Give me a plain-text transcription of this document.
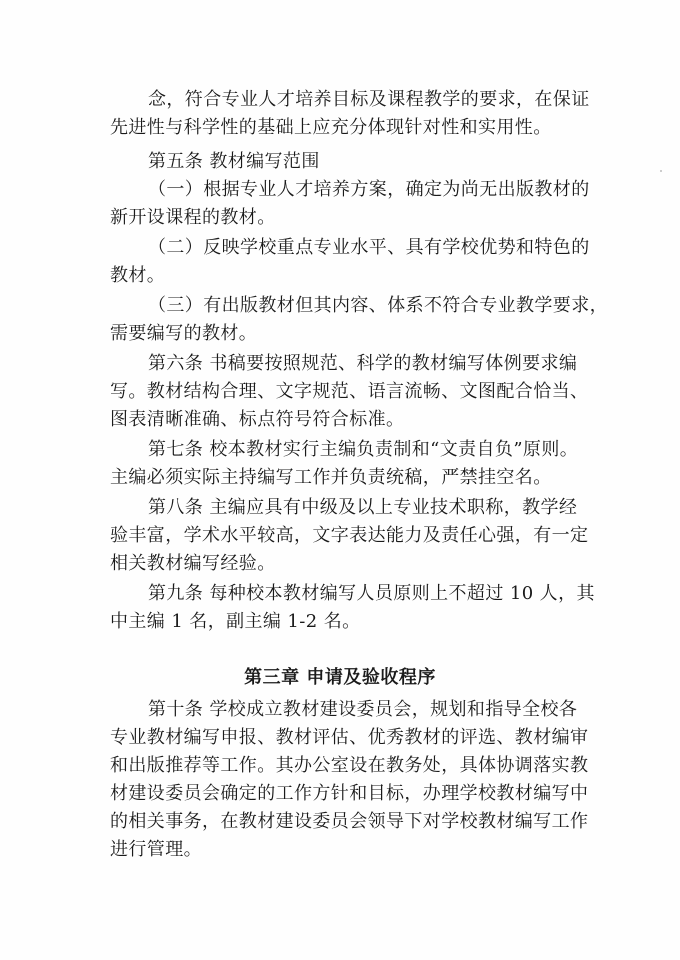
念，符合专业人才培养目标及课程教学的要求，在保证
先进性与科学性的基础上应充分体现针对性和实用性。

第五条 教材编写范围

（一）根据专业人才培养方案，确定为尚无出版教材的
新开设课程的教材。

（二）反映学校重点专业水平、具有学校优势和特色的
教材。

（三）有出版教材但其内容、体系不符合专业教学要求，
需要编写的教材。

第六条 书稿要按照规范、科学的教材编写体例要求编
写。教材结构合理、文字规范、语言流畅、文图配合恰当、
图表清晰准确、标点符号符合标准。

第七条 校本教材实行主编负责制和“文责自负”原则。
主编必须实际主持编写工作并负责统稿，严禁挂空名。

第八条 主编应具有中级及以上专业技术职称，教学经
验丰富，学术水平较高，文字表达能力及责任心强，有一定
相关教材编写经验。

第九条 每种校本教材编写人员原则上不超过 10 人，其
中主编 1 名，副主编 1-2 名。

第三章 申请及验收程序

第十条 学校成立教材建设委员会，规划和指导全校各
专业教材编写申报、教材评估、优秀教材的评选、教材编审
和出版推荐等工作。其办公室设在教务处，具体协调落实教
材建设委员会确定的工作方针和目标，办理学校教材编写中
的相关事务，在教材建设委员会领导下对学校教材编写工作
进行管理。
